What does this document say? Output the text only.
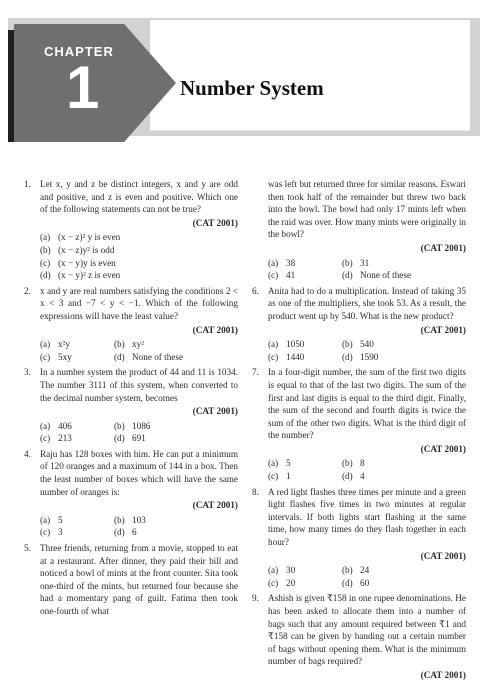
CHAPTER
1	Number System
1. Let x, y and z be distinct integers, x and y are odd and positive, and z is even and positive. Which one of the following statements can not be true?
(CAT 2001)
(a) (x − z)² y is even
(b) (x − z)y² is odd
(c) (x − y)y is even
(d) (x − y)² z is even
2. x and y are real numbers satisfying the conditions 2 < x < 3 and −7 < y < −1. Which of the following expressions will have the least value?
(CAT 2001)
(a) x²y	(b) xy²
(c) 5xy	(d) None of these
3. In a number system the product of 44 and 11 is 1034. The number 3111 of this system, when converted to the decimal number system, becomes
(CAT 2001)
(a) 406	(b) 1086
(c) 213	(d) 691
4. Raju has 128 boxes with him. He can put a minimum of 120 oranges and a maximum of 144 in a box. Then the least number of boxes which will have the same number of oranges is:
(CAT 2001)
(a) 5	(b) 103
(c) 3	(d) 6
5. Three friends, returning from a movie, stopped to eat at a restaurant. After dinner, they paid their bill and noticed a bowl of mints at the front counter. Sita took one-third of the mints, but returned four because she had a momentary pang of guilt. Fatima then took one-fourth of what
was left but returned three for similar reasons. Eswari then took half of the remainder but threw two back into the bowl. The bowl had only 17 mints left when the raid was over. How many mints were originally in the bowl?
(CAT 2001)
(a) 38	(b) 31
(c) 41	(d) None of these
6. Anita had to do a multiplication. Instead of taking 35 as one of the multipliers, she took 53. As a result, the product went up by 540. What is the new product?
(CAT 2001)
(a) 1050	(b) 540
(c) 1440	(d) 1590
7. In a four-digit number, the sum of the first two digits is equal to that of the last two digits. The sum of the first and last digits is equal to the third digit. Finally, the sum of the second and fourth digits is twice the sum of the other two digits. What is the third digit of the number?
(CAT 2001)
(a) 5	(b) 8
(c) 1	(d) 4
8. A red light flashes three times per minute and a green light flashes five times in two minutes at regular intervals. If both lights start flashing at the same time, how many times do they flash together in each hour?
(CAT 2001)
(a) 30	(b) 24
(c) 20	(d) 60
9. Ashish is given ₹158 in one rupee denominations. He has been asked to allocate them into a number of bags such that any amount required between ₹1 and ₹158 can be given by handing out a certain number of bags without opening them. What is the minimum number of bags required?
(CAT 2001)
